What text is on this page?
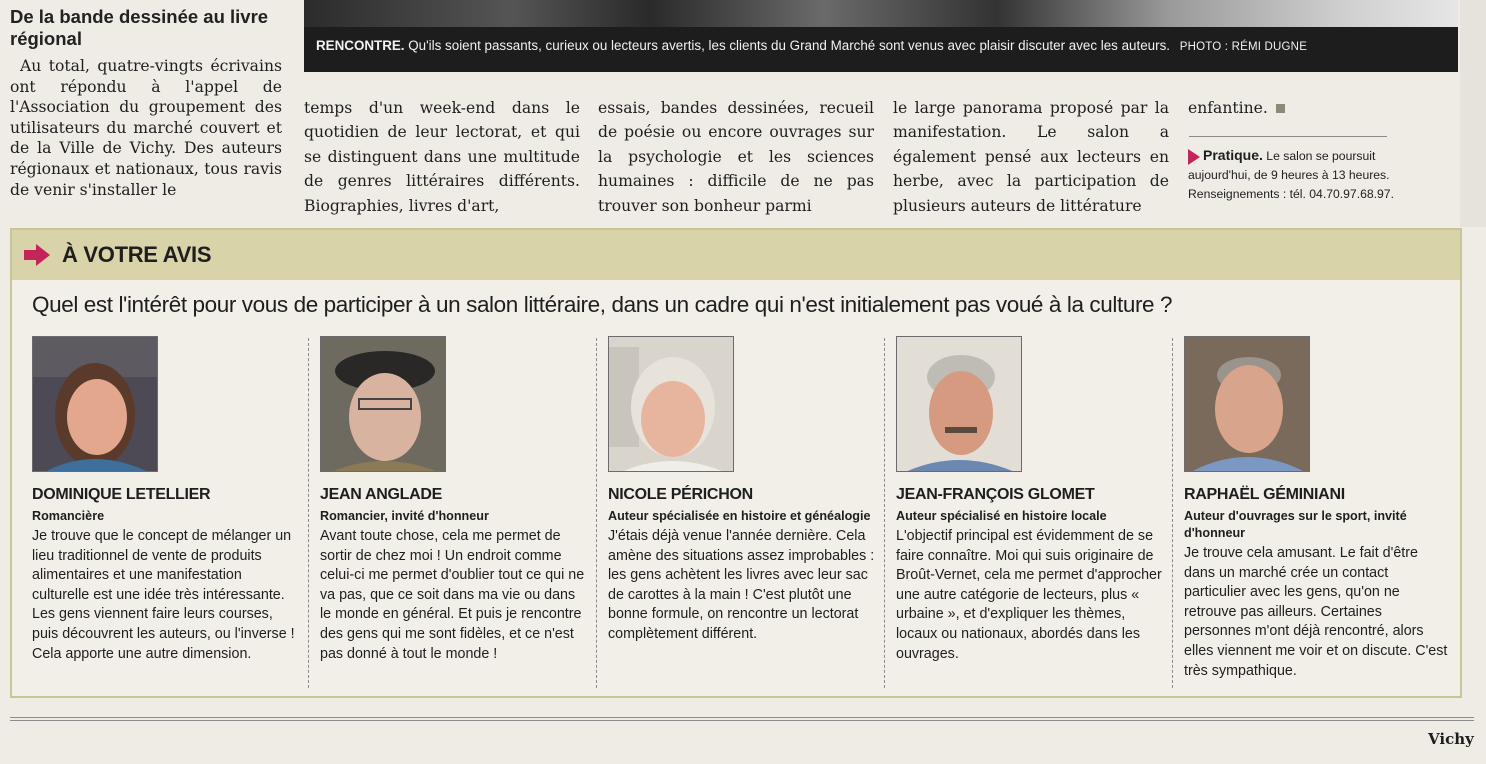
De la bande dessinée au livre régional

Au total, quatre-vingts écrivains ont répondu à l'appel de l'Association du groupement des utilisateurs du marché couvert et de la Ville de Vichy. Des auteurs régionaux et nationaux, tous ravis de venir s'installer le

RENCONTRE. Qu'ils soient passants, curieux ou lecteurs avertis, les clients du Grand Marché sont venus avec plaisir discuter avec les auteurs. PHOTO : RÉMI DUGNE
temps d'un week-end dans le quotidien de leur lectorat, et qui se distinguent dans une multitude de genres littéraires différents. Biographies, livres d'art,
essais, bandes dessinées, recueil de poésie ou encore ouvrages sur la psychologie et les sciences humaines : difficile de ne pas trouver son bonheur parmi
le large panorama proposé par la manifestation. Le salon a également pensé aux lecteurs en herbe, avec la participation de plusieurs auteurs de littérature
enfantine.
Pratique. Le salon se poursuit aujourd'hui, de 9 heures à 13 heures. Renseignements : tél. 04.70.97.68.97.
À VOTRE AVIS
Quel est l'intérêt pour vous de participer à un salon littéraire, dans un cadre qui n'est initialement pas voué à la culture ?
DOMINIQUE LETELLIER
Romancière
Je trouve que le concept de mélanger un lieu traditionnel de vente de produits alimentaires et une manifestation culturelle est une idée très intéressante. Les gens viennent faire leurs courses, puis découvrent les auteurs, ou l'inverse ! Cela apporte une autre dimension.
JEAN ANGLADE
Romancier, invité d'honneur
Avant toute chose, cela me permet de sortir de chez moi ! Un endroit comme celui-ci me permet d'oublier tout ce qui ne va pas, que ce soit dans ma vie ou dans le monde en général. Et puis je rencontre des gens qui me sont fidèles, et ce n'est pas donné à tout le monde !
NICOLE PÉRICHON
Auteur spécialisée en histoire et généalogie
J'étais déjà venue l'année dernière. Cela amène des situations assez improbables : les gens achètent les livres avec leur sac de carottes à la main ! C'est plutôt une bonne formule, on rencontre un lectorat complètement différent.
JEAN-FRANÇOIS GLOMET
Auteur spécialisé en histoire locale
L'objectif principal est évidemment de se faire connaître. Moi qui suis originaire de Broût-Vernet, cela me permet d'approcher une autre catégorie de lecteurs, plus « urbaine », et d'expliquer les thèmes, locaux ou nationaux, abordés dans les ouvrages.
RAPHAËL GÉMINIANI
Auteur d'ouvrages sur le sport, invité d'honneur
Je trouve cela amusant. Le fait d'être dans un marché crée un contact particulier avec les gens, qu'on ne retrouve pas ailleurs. Certaines personnes m'ont déjà rencontré, alors elles viennent me voir et on discute. C'est très sympathique.
Vichy
